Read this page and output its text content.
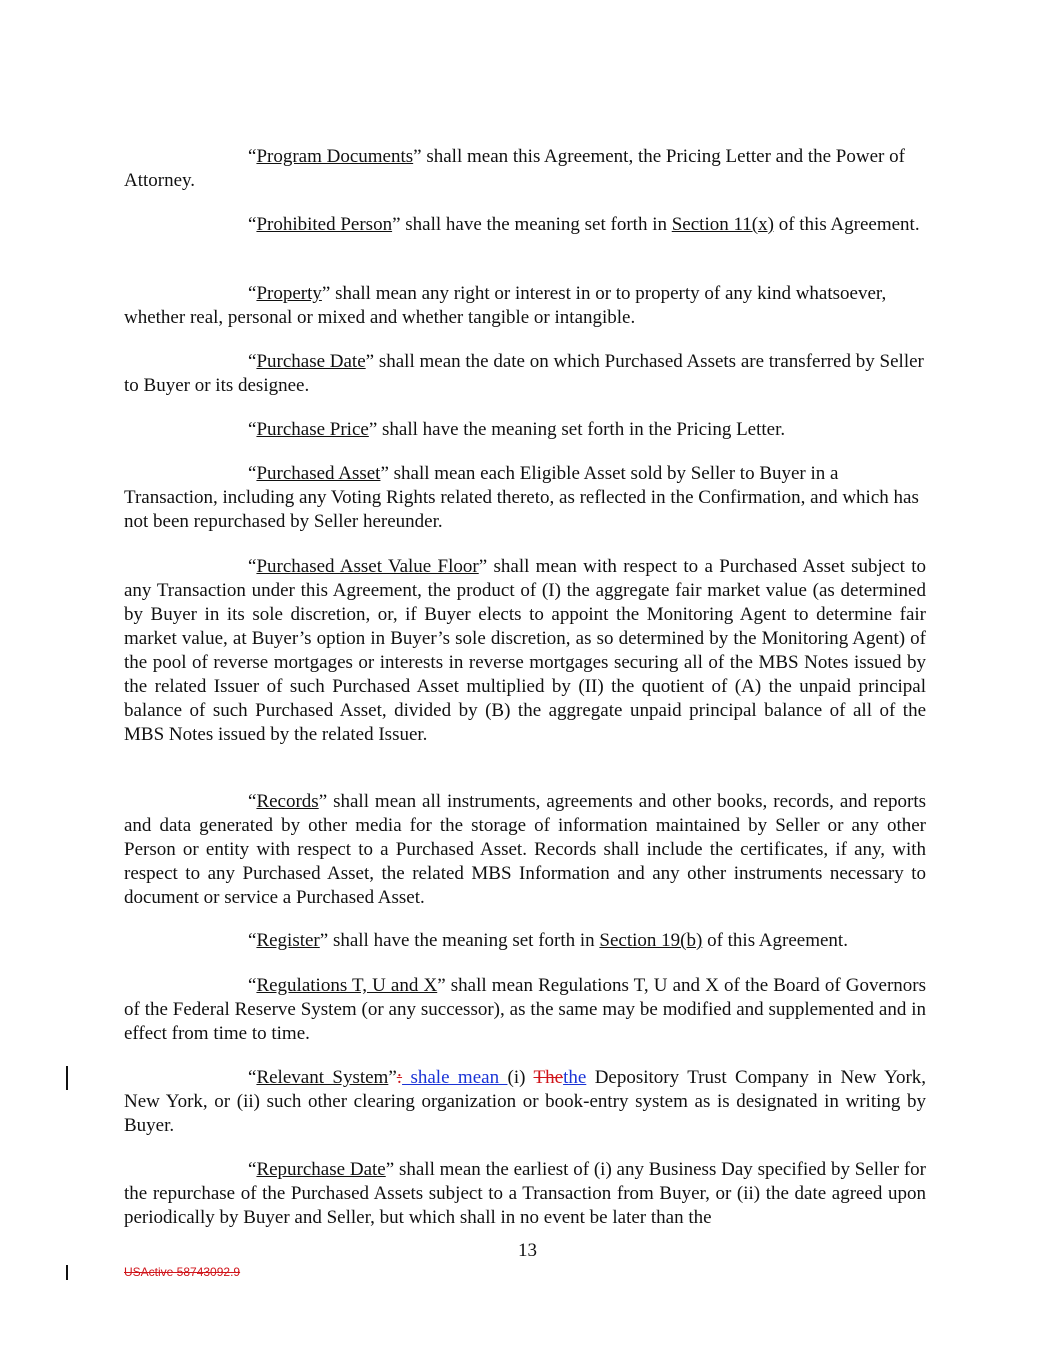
“Program Documents” shall mean this Agreement, the Pricing Letter and the Power of Attorney.

“Prohibited Person” shall have the meaning set forth in Section 11(x) of this Agreement.

“Property” shall mean any right or interest in or to property of any kind whatsoever, whether real, personal or mixed and whether tangible or intangible.

“Purchase Date” shall mean the date on which Purchased Assets are transferred by Seller to Buyer or its designee.

“Purchase Price” shall have the meaning set forth in the Pricing Letter.

“Purchased Asset” shall mean each Eligible Asset sold by Seller to Buyer in a Transaction, including any Voting Rights related thereto, as reflected in the Confirmation, and which has not been repurchased by Seller hereunder.

“Purchased Asset Value Floor” shall mean with respect to a Purchased Asset subject to any Transaction under this Agreement, the product of (I) the aggregate fair market value (as determined by Buyer in its sole discretion, or, if Buyer elects to appoint the Monitoring Agent to determine fair market value, at Buyer’s option in Buyer’s sole discretion, as so determined by the Monitoring Agent) of the pool of reverse mortgages or interests in reverse mortgages securing all of the MBS Notes issued by the related Issuer of such Purchased Asset multiplied by (II) the quotient of (A) the unpaid principal balance of such Purchased Asset, divided by (B) the aggregate unpaid principal balance of all of the MBS Notes issued by the related Issuer.

“Records” shall mean all instruments, agreements and other books, records, and reports and data generated by other media for the storage of information maintained by Seller or any other Person or entity with respect to a Purchased Asset. Records shall include the certificates, if any, with respect to any Purchased Asset, the related MBS Information and any other instruments necessary to document or service a Purchased Asset.

“Register” shall have the meaning set forth in Section 19(b) of this Agreement.

“Regulations T, U and X” shall mean Regulations T, U and X of the Board of Governors of the Federal Reserve System (or any successor), as the same may be modified and supplemented and in effect from time to time.

“Relevant System”: shale mean (i) Thethe Depository Trust Company in New York, New York, or (ii) such other clearing organization or book-entry system as is designated in writing by Buyer.

“Repurchase Date” shall mean the earliest of (i) any Business Day specified by Seller for the repurchase of the Purchased Assets subject to a Transaction from Buyer, or (ii) the date agreed upon periodically by Buyer and Seller, but which shall in no event be later than the

13
USActive 58743092.9
